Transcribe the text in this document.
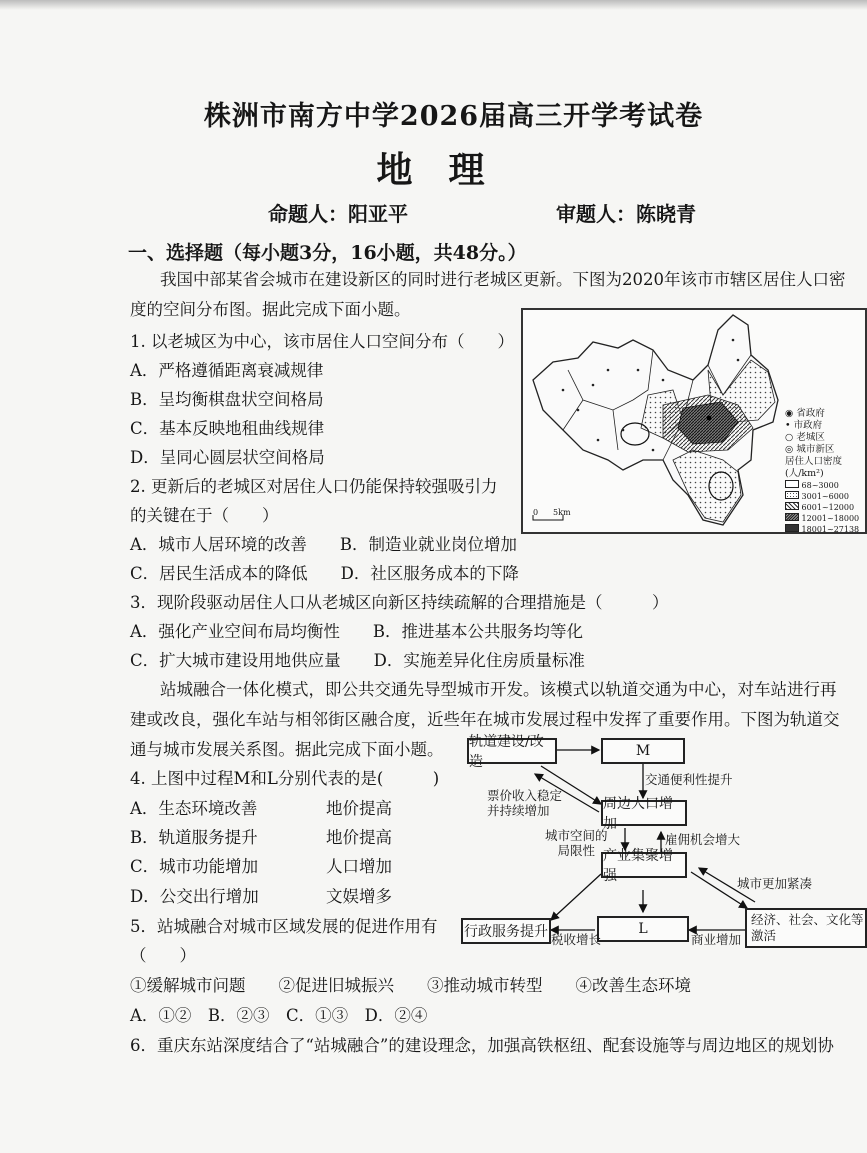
株洲市南方中学2026届高三开学考试卷
地理
命题人：阳亚平	审题人：陈晓青
一、选择题（每小题3分，16小题，共48分。）
我国中部某省会城市在建设新区的同时进行老城区更新。下图为2020年该市市辖区居住人口密
度的空间分布图。据此完成下面小题。
1. 以老城区为中心，该市居住人口空间分布（　　）
A．严格遵循距离衰减规律
B．呈均衡棋盘状空间格局
C．基本反映地租曲线规律
D．呈同心圆层状空间格局
2. 更新后的老城区对居住人口仍能保持较强吸引力
的关键在于（　　）
A．城市人居环境的改善　　B．制造业就业岗位增加
C．居民生活成本的降低　　D．社区服务成本的下降
3．现阶段驱动居住人口从老城区向新区持续疏解的合理措施是（　　　）
A．强化产业空间布局均衡性　　B．推进基本公共服务均等化
C．扩大城市建设用地供应量　　D．实施差异化住房质量标准
0 5km
◉ 省政府
• 市政府
○ 老城区
◎ 城市新区
居住人口密度
(人/km²)
68~3000
3001~6000
6001~12000
12001~18000
18001~27138
站城融合一体化模式，即公共交通先导型城市开发。该模式以轨道交通为中心，对车站进行再
建或改良，强化车站与相邻街区融合度，近些年在城市发展过程中发挥了重要作用。下图为轨道交
通与城市发展关系图。据此完成下面小题。
4. 上图中过程M和L分别代表的是(　　　)
A．生态环境改善	地价提高
B．轨道服务提升	地价提高
C．城市功能增加	人口增加
D．公交出行增加	文娱增多
5．站城融合对城市区域发展的促进作用有
（　　）
①缓解城市问题　　②促进旧城振兴　　③推动城市转型　　④改善生态环境
A．①②　B．②③　C．①③　D．②④
6．重庆东站深度结合了“站城融合”的建设理念，加强高铁枢纽、配套设施等与周边地区的规划协
轨道建设/改造
M
交通便利性提升
票价收入稳定
并持续增加	周边人口增加
城市空间的
局限性
雇佣机会增大
产业集聚增强	城市更加紧凑
行政服务提升	L
税收增长	商业增加
经济、社会、文化等
激活
